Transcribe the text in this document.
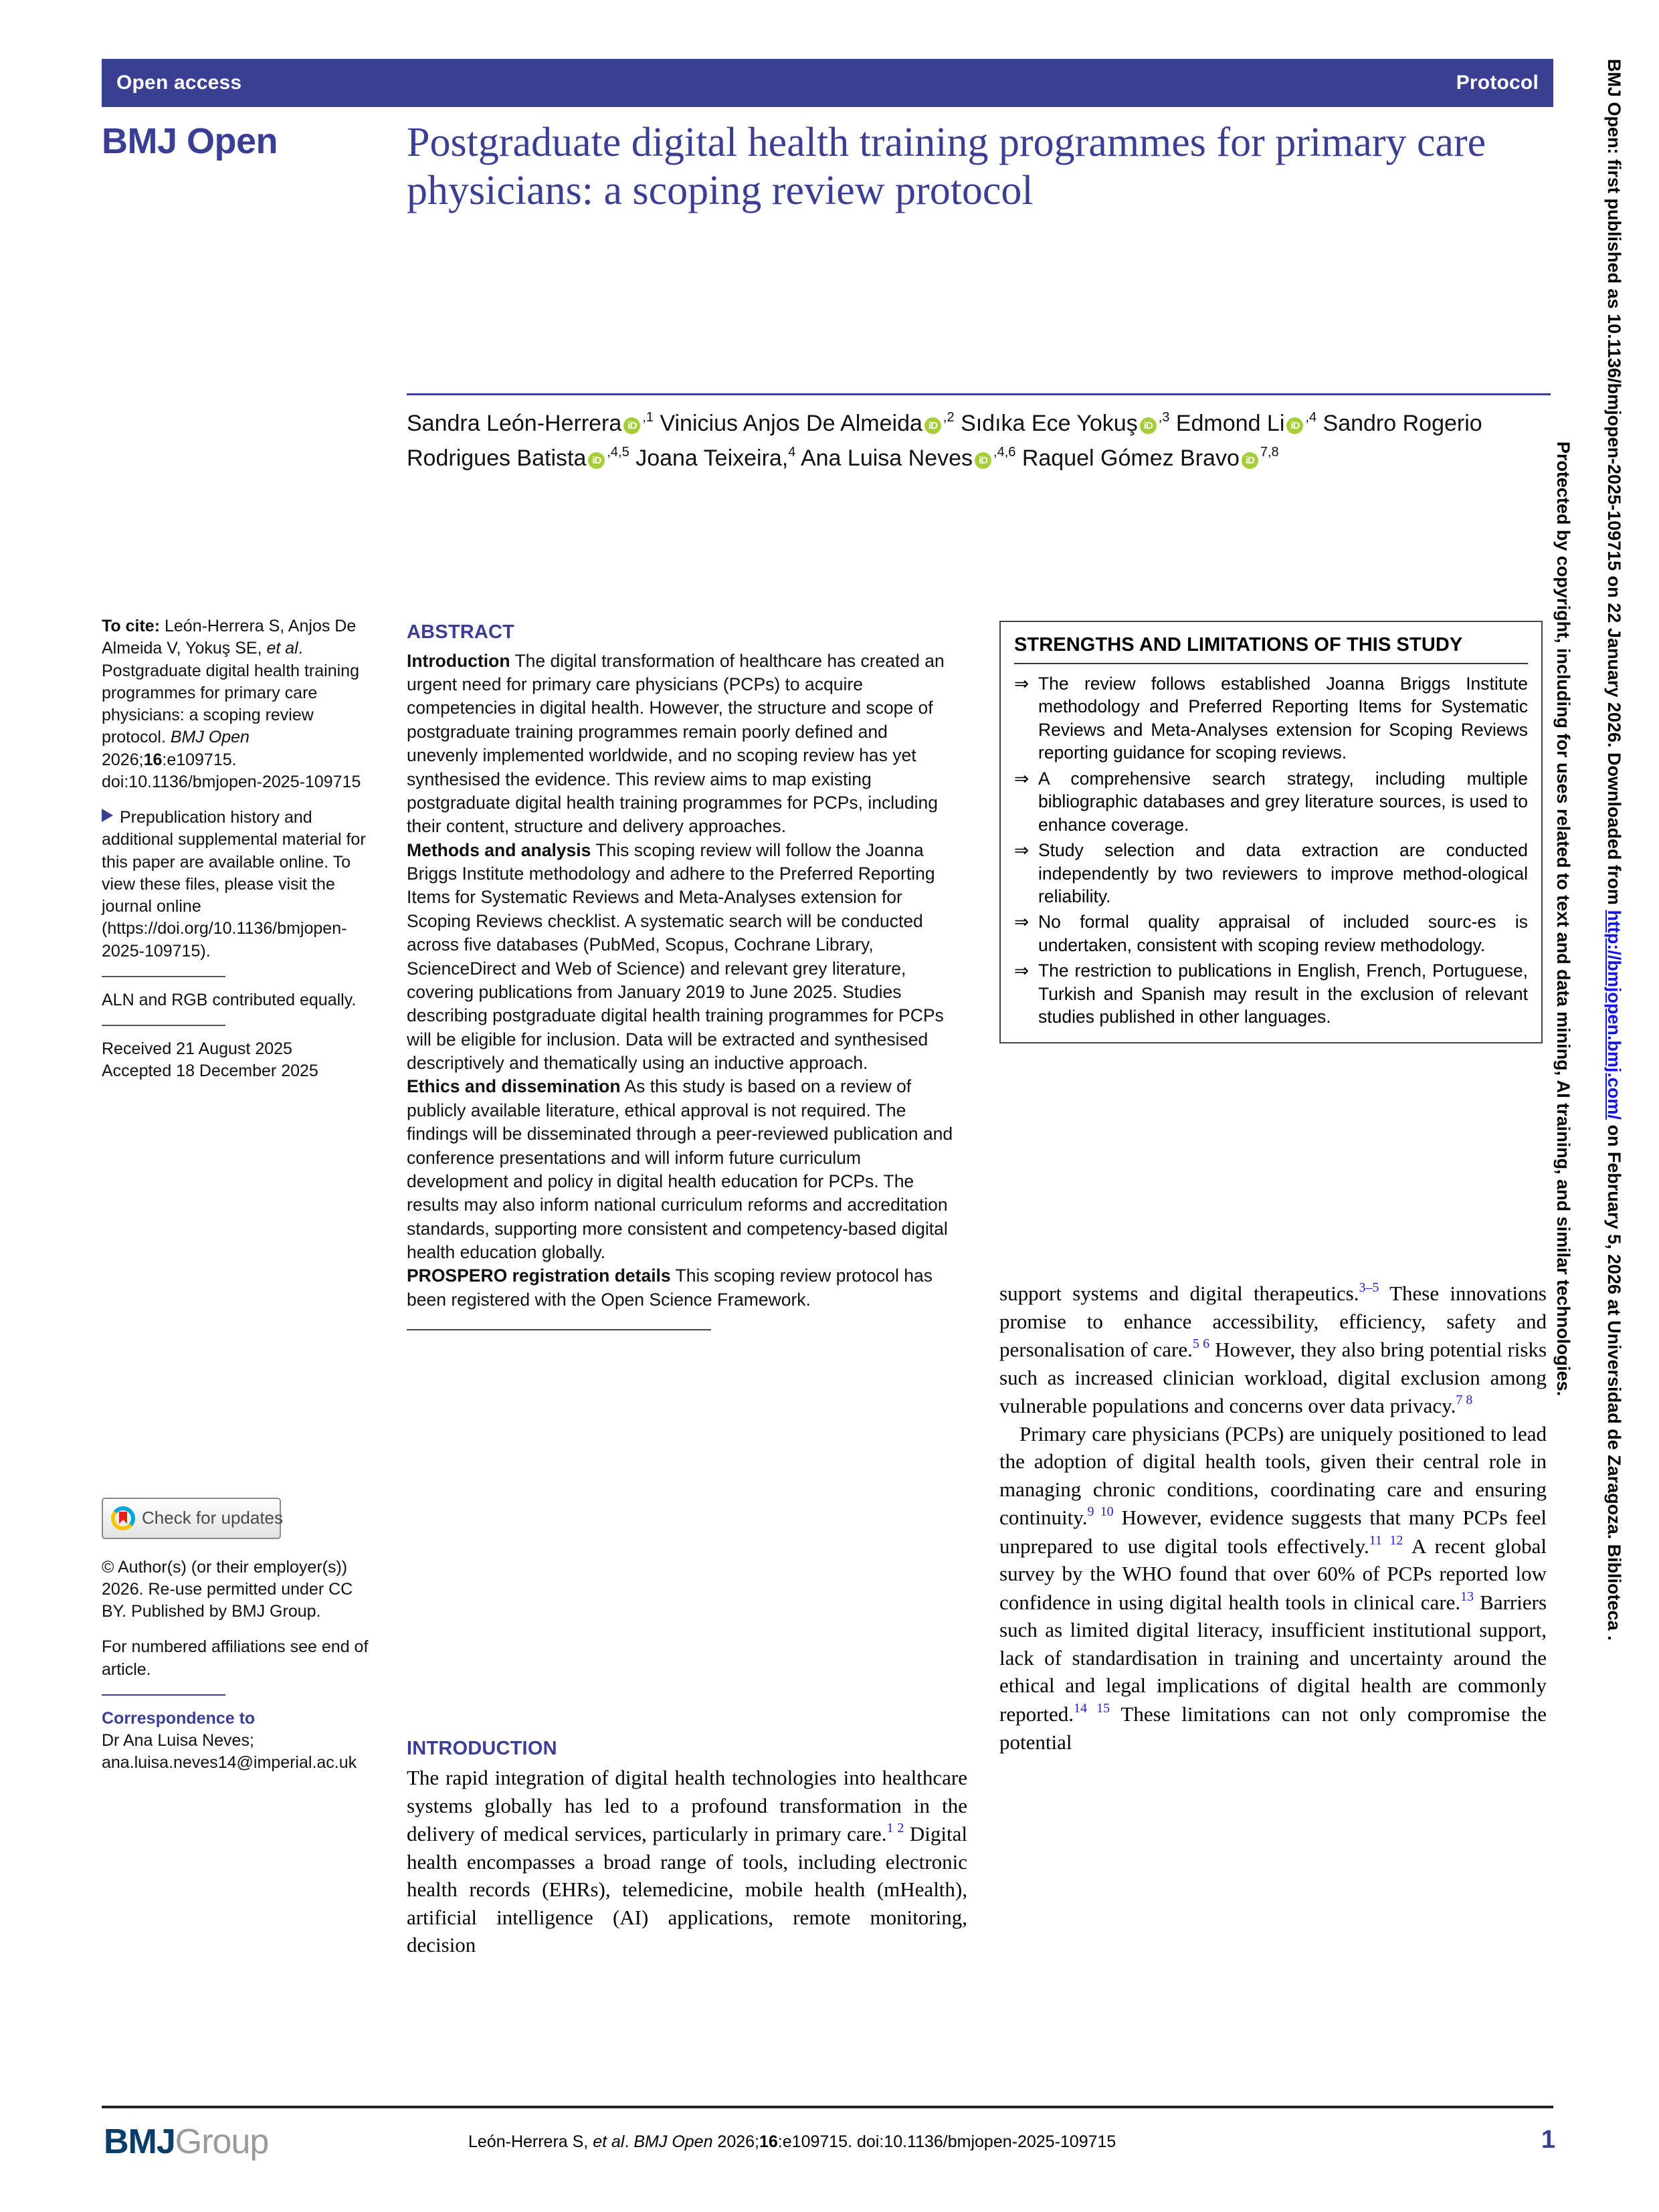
Open access	Protocol
BMJ Open	Postgraduate digital health training programmes for primary care physicians: a scoping review protocol
Sandra León-Herrera $iD^{,1}$ Vinicius Anjos De Almeida $iD^{,2}$ Sıdıka Ece Yokuş $iD^{,3}$ Edmond Li $iD^{,4}$ Sandro Rogerio Rodrigues Batista $iD^{,4,5}$ Joana Teixeira,$^4$ Ana Luisa Neves $iD^{,4,6}$ Raquel Gómez Bravo iD$^{7,8}$

To cite: León-Herrera S, Anjos De Almeida V, Yokuş SE, et al. Postgraduate digital health training programmes for primary care physicians: a scoping review protocol. BMJ Open 2026;16:e109715. doi:10.1136/bmjopen-2025-109715

Prepublication history and additional supplemental material for this paper are available online. To view these files, please visit the journal online (https://doi.org/10.1136/bmjopen-2025-109715).

ALN and RGB contributed equally.

Received 21 August 2025

Accepted 18 December 2025

Check for updates

© Author(s) (or their employer(s)) 2026. Re-use permitted under CC BY. Published by BMJ Group.

For numbered affiliations see end of article.

Correspondence to

Dr Ana Luisa Neves; ana.luisa.neves14@imperial.ac.uk

ABSTRACT

Introduction The digital transformation of healthcare has created an urgent need for primary care physicians (PCPs) to acquire competencies in digital health. However, the structure and scope of postgraduate training programmes remain poorly defined and unevenly implemented worldwide, and no scoping review has yet synthesised the evidence. This review aims to map existing postgraduate digital health training programmes for PCPs, including their content, structure and delivery approaches.

Methods and analysis This scoping review will follow the Joanna Briggs Institute methodology and adhere to the Preferred Reporting Items for Systematic Reviews and Meta-Analyses extension for Scoping Reviews checklist. A systematic search will be conducted across five databases (PubMed, Scopus, Cochrane Library, ScienceDirect and Web of Science) and relevant grey literature, covering publications from January 2019 to June 2025. Studies describing postgraduate digital health training programmes for PCPs will be eligible for inclusion. Data will be extracted and synthesised descriptively and thematically using an inductive approach.

Ethics and dissemination As this study is based on a review of publicly available literature, ethical approval is not required. The findings will be disseminated through a peer-reviewed publication and conference presentations and will inform future curriculum development and policy in digital health education for PCPs. The results may also inform national curriculum reforms and accreditation standards, supporting more consistent and competency-based digital health education globally.

PROSPERO registration details This scoping review protocol has been registered with the Open Science Framework.

INTRODUCTION

The rapid integration of digital health technologies into healthcare systems globally has led to a profound transformation in the delivery of medical services, particularly in primary care.$^{1 2}$ Digital health encompasses a broad range of tools, including electronic health records (EHRs), telemedicine, mobile health (mHealth), artificial intelligence (AI) applications, remote monitoring, decision

STRENGTHS AND LIMITATIONS OF THIS STUDY
⇒ The review follows established Joanna Briggs Institute methodology and Preferred Reporting Items for Systematic Reviews and Meta-Analyses extension for Scoping Reviews reporting guidance for scoping reviews.
⇒ A comprehensive search strategy, including multiple bibliographic databases and grey literature sources, is used to enhance coverage.
⇒ Study selection and data extraction are conducted independently by two reviewers to improve method-ological reliability.
⇒ No formal quality appraisal of included sourc-es is undertaken, consistent with scoping review methodology.
⇒ The restriction to publications in English, French, Portuguese, Turkish and Spanish may result in the exclusion of relevant studies published in other languages.

support systems and digital therapeutics.$^{3-5}$ These innovations promise to enhance accessibility, efficiency, safety and personalisation of care.$^{5 6}$ However, they also bring potential risks such as increased clinician workload, digital exclusion among vulnerable populations and concerns over data privacy.$^{7 8}$

Primary care physicians (PCPs) are uniquely positioned to lead the adoption of digital health tools, given their central role in managing chronic conditions, coordinating care and ensuring continuity.$^{9 10}$ However, evidence suggests that many PCPs feel unprepared to use digital tools effectively.$^{11 12}$ A recent global survey by the WHO found that over 60% of PCPs reported low confidence in using digital health tools in clinical care.$^{13}$ Barriers such as limited digital literacy, insufficient institutional support, lack of standardisation in training and uncertainty around the ethical and legal implications of digital health are commonly reported.$^{14 15}$ These limitations can not only compromise the potential

BMJ Open: first published as 10.1136/bmjopen-2025-109715 on 22 January 2026. Downloaded from http://bmjopen.bmj.com/ on February 5, 2026 at Universidad de Zaragoza. Biblioteca .
Protected by copyright, including for uses related to text and data mining, AI training, and similar technologies.
BMJGroup	León-Herrera S, et al. BMJ Open 2026;16:e109715. doi:10.1136/bmjopen-2025-109715	1
